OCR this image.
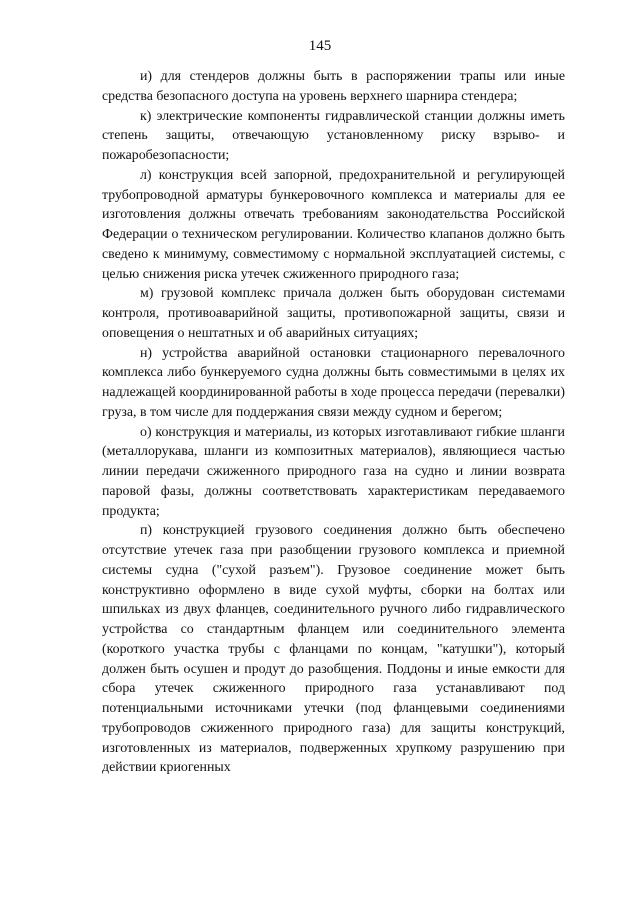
145

и) для стендеров должны быть в распоряжении трапы или иные средства безопасного доступа на уровень верхнего шарнира стендера;

к) электрические компоненты гидравлической станции должны иметь степень защиты, отвечающую установленному риску взрыво- и пожаробезопасности;

л) конструкция всей запорной, предохранительной и регулирующей трубопроводной арматуры бункеровочного комплекса и материалы для ее изготовления должны отвечать требованиям законодательства Российской Федерации о техническом регулировании. Количество клапанов должно быть сведено к минимуму, совместимому с нормальной эксплуатацией системы, с целью снижения риска утечек сжиженного природного газа;

м) грузовой комплекс причала должен быть оборудован системами контроля, противоаварийной защиты, противопожарной защиты, связи и оповещения о нештатных и об аварийных ситуациях;

н) устройства аварийной остановки стационарного перевалочного комплекса либо бункеруемого судна должны быть совместимыми в целях их надлежащей координированной работы в ходе процесса передачи (перевалки) груза, в том числе для поддержания связи между судном и берегом;

о) конструкция и материалы, из которых изготавливают гибкие шланги (металлорукава, шланги из композитных материалов), являющиеся частью линии передачи сжиженного природного газа на судно и линии возврата паровой фазы, должны соответствовать характеристикам передаваемого продукта;

п) конструкцией грузового соединения должно быть обеспечено отсутствие утечек газа при разобщении грузового комплекса и приемной системы судна ("сухой разъем"). Грузовое соединение может быть конструктивно оформлено в виде сухой муфты, сборки на болтах или шпильках из двух фланцев, соединительного ручного либо гидравлического устройства со стандартным фланцем или соединительного элемента (короткого участка трубы с фланцами по концам, "катушки"), который должен быть осушен и продут до разобщения. Поддоны и иные емкости для сбора утечек сжиженного природного газа устанавливают под потенциальными источниками утечки (под фланцевыми соединениями трубопроводов сжиженного природного газа) для защиты конструкций, изготовленных из материалов, подверженных хрупкому разрушению при действии криогенных
